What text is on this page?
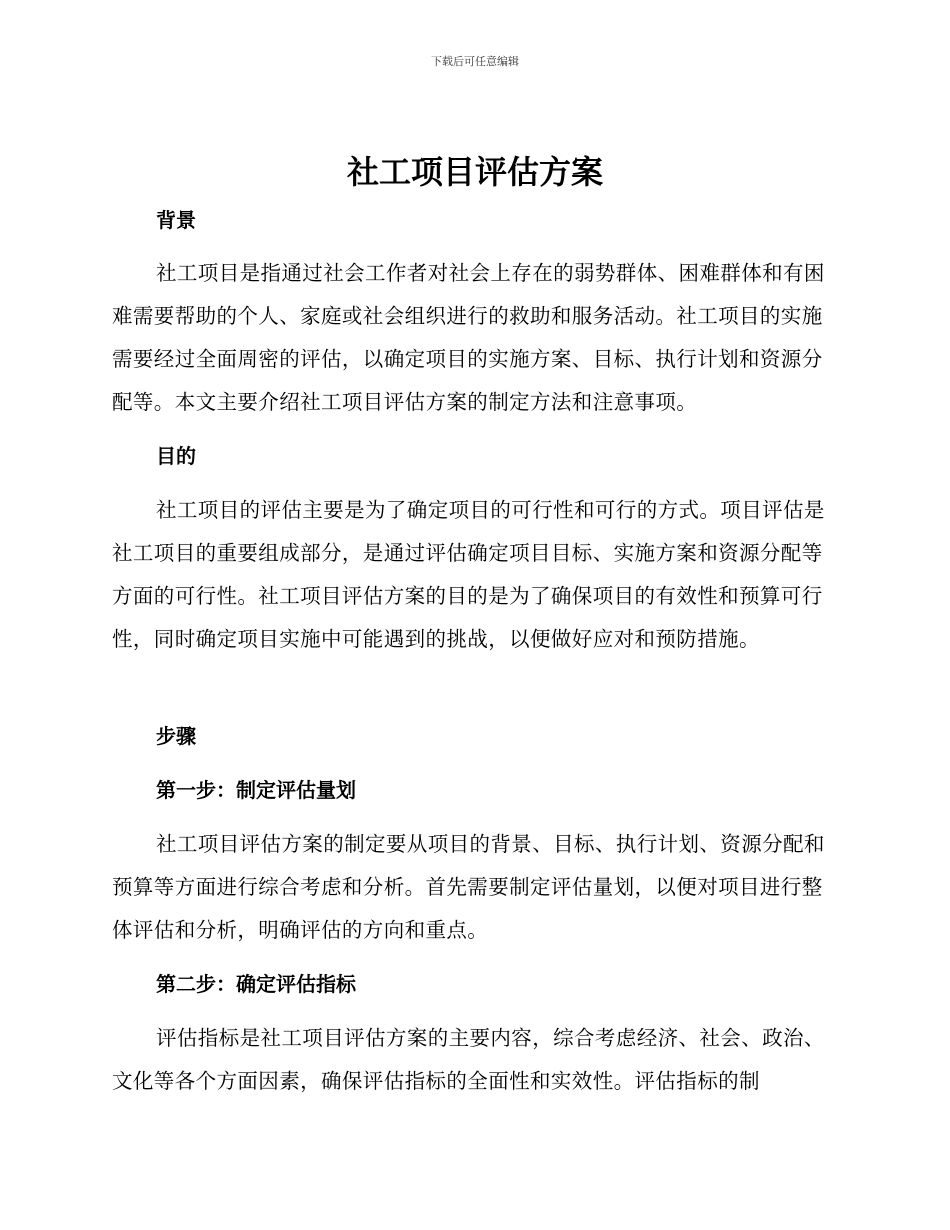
下载后可任意编辑
社工项目评估方案
背景

社工项目是指通过社会工作者对社会上存在的弱势群体、困难群体和有困难需要帮助的个人、家庭或社会组织进行的救助和服务活动。社工项目的实施需要经过全面周密的评估，以确定项目的实施方案、目标、执行计划和资源分配等。本文主要介绍社工项目评估方案的制定方法和注意事项。

目的

社工项目的评估主要是为了确定项目的可行性和可行的方式。项目评估是社工项目的重要组成部分，是通过评估确定项目目标、实施方案和资源分配等方面的可行性。社工项目评估方案的目的是为了确保项目的有效性和预算可行性，同时确定项目实施中可能遇到的挑战，以便做好应对和预防措施。

步骤
第一步：制定评估量划

社工项目评估方案的制定要从项目的背景、目标、执行计划、资源分配和预算等方面进行综合考虑和分析。首先需要制定评估量划，以便对项目进行整体评估和分析，明确评估的方向和重点。

第二步：确定评估指标

评估指标是社工项目评估方案的主要内容，综合考虑经济、社会、政治、文化等各个方面因素，确保评估指标的全面性和实效性。评估指标的制
